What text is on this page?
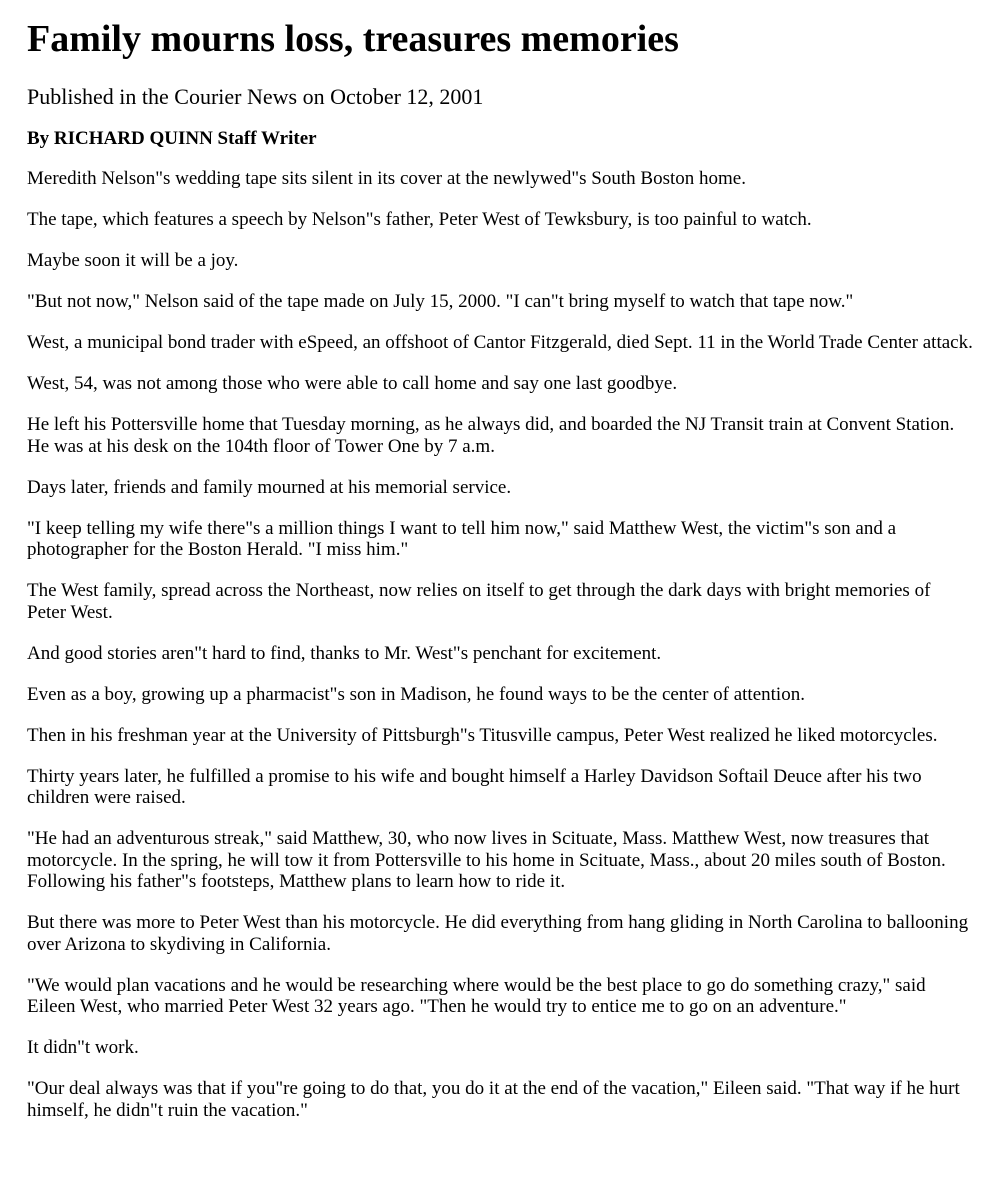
Family mourns loss, treasures memories
Published in the Courier News on October 12, 2001
By RICHARD QUINN Staff Writer

Meredith Nelson"s wedding tape sits silent in its cover at the newlywed"s South Boston home.

The tape, which features a speech by Nelson"s father, Peter West of Tewksbury, is too painful to watch.

Maybe soon it will be a joy.

"But not now," Nelson said of the tape made on July 15, 2000. "I can"t bring myself to watch that tape now."

West, a municipal bond trader with eSpeed, an offshoot of Cantor Fitzgerald, died Sept. 11 in the World Trade Center attack.

West, 54, was not among those who were able to call home and say one last goodbye.

He left his Pottersville home that Tuesday morning, as he always did, and boarded the NJ Transit train at Convent Station. He was at his desk on the 104th floor of Tower One by 7 a.m.

Days later, friends and family mourned at his memorial service.

"I keep telling my wife there"s a million things I want to tell him now," said Matthew West, the victim"s son and a photographer for the Boston Herald. "I miss him."

The West family, spread across the Northeast, now relies on itself to get through the dark days with bright memories of Peter West.

And good stories aren"t hard to find, thanks to Mr. West"s penchant for excitement.

Even as a boy, growing up a pharmacist"s son in Madison, he found ways to be the center of attention.

Then in his freshman year at the University of Pittsburgh"s Titusville campus, Peter West realized he liked motorcycles.

Thirty years later, he fulfilled a promise to his wife and bought himself a Harley Davidson Softail Deuce after his two children were raised.

"He had an adventurous streak," said Matthew, 30, who now lives in Scituate, Mass. Matthew West, now treasures that motorcycle. In the spring, he will tow it from Pottersville to his home in Scituate, Mass., about 20 miles south of Boston. Following his father"s footsteps, Matthew plans to learn how to ride it.

But there was more to Peter West than his motorcycle. He did everything from hang gliding in North Carolina to ballooning over Arizona to skydiving in California.

"We would plan vacations and he would be researching where would be the best place to go do something crazy," said Eileen West, who married Peter West 32 years ago. "Then he would try to entice me to go on an adventure."

It didn"t work.

"Our deal always was that if you"re going to do that, you do it at the end of the vacation," Eileen said. "That way if he hurt himself, he didn"t ruin the vacation."
